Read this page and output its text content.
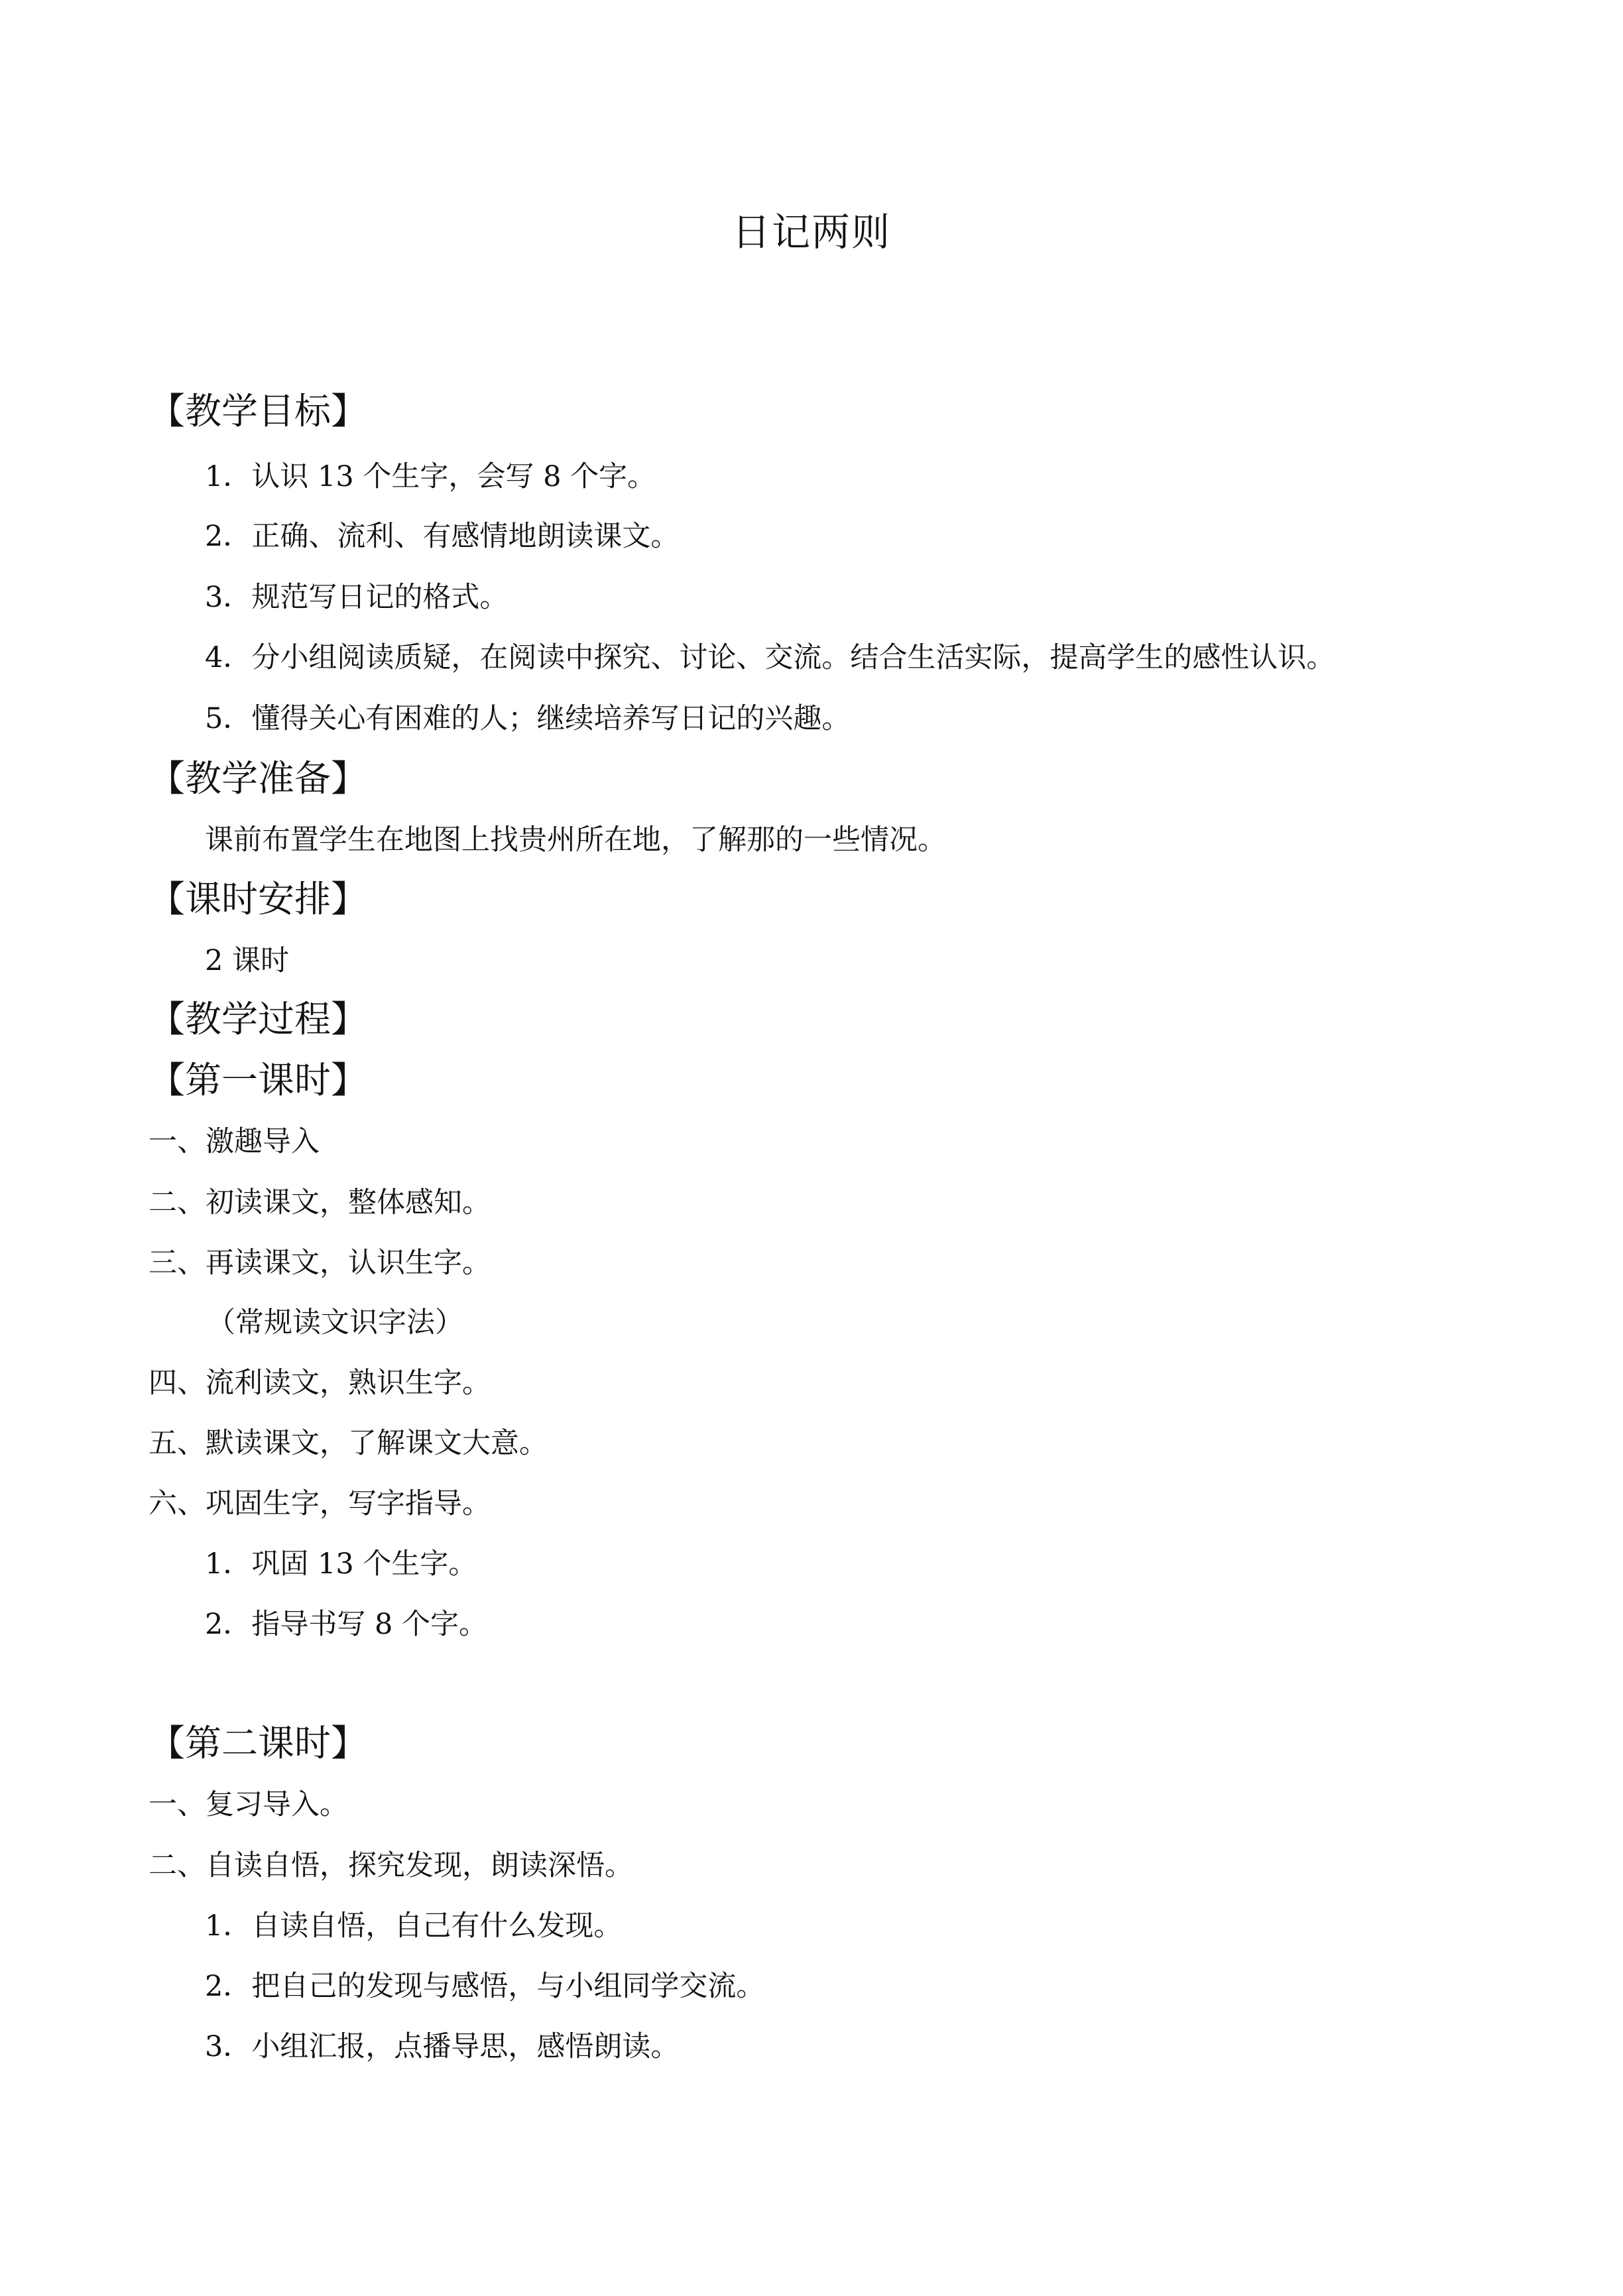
日记两则
【教学目标】
1．认识 13 个生字，会写 8 个字。
2．正确、流利、有感情地朗读课文。
3．规范写日记的格式。
4．分小组阅读质疑，在阅读中探究、讨论、交流。结合生活实际，提高学生的感性认识。
5．懂得关心有困难的人；继续培养写日记的兴趣。
【教学准备】
课前布置学生在地图上找贵州所在地，了解那的一些情况。
【课时安排】
2 课时
【教学过程】
【第一课时】
一、激趣导入
二、初读课文，整体感知。
三、再读课文，认识生字。
（常规读文识字法）
四、流利读文，熟识生字。
五、默读课文，了解课文大意。
六、巩固生字，写字指导。
1．巩固 13 个生字。
2．指导书写 8 个字。
【第二课时】
一、复习导入。
二、自读自悟，探究发现，朗读深悟。
1．自读自悟，自己有什么发现。
2．把自己的发现与感悟，与小组同学交流。
3．小组汇报，点播导思，感悟朗读。
